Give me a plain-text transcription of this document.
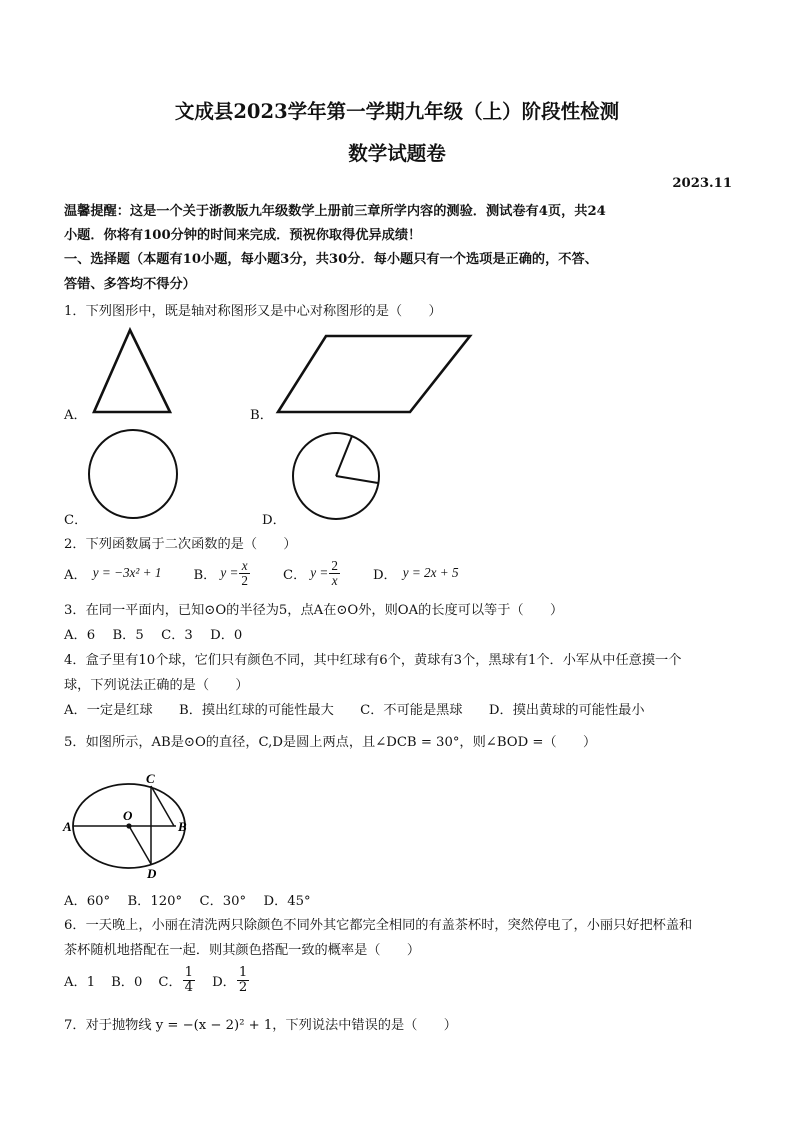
文成县2023学年第一学期九年级（上）阶段性检测
数学试题卷
2023.11
温馨提醒：这是一个关于浙教版九年级数学上册前三章所学内容的测验．测试卷有4页，共24
小题．你将有100分钟的时间来完成．预祝你取得优异成绩！
一、选择题（本题有10小题，每小题3分，共30分．每小题只有一个选项是正确的，不答、
答错、多答均不得分）
1．下列图形中，既是轴对称图形又是中心对称图形的是（　　）
A．	B．
C．	D．
2．下列函数属于二次函数的是（　　）
A． y = −3x² + 1 B． $y = \frac{x}{2}$	C． $y = \frac{2}{x}$	D． y = 2x + 5
3．在同一平面内，已知⊙O的半径为5，点A在⊙O外，则OA的长度可以等于（　　）
A．6　 B．5　 C．3　 D．0
4．盒子里有10个球，它们只有颜色不同，其中红球有6个，黄球有3个，黑球有1个．小军从中任意摸一个
球，下列说法正确的是（　　）
A．一定是红球　　B．摸出红球的可能性最大　　C．不可能是黑球　　D．摸出黄球的可能性最小
5．如图所示，AB是⊙O的直径，C,D是圆上两点，且∠DCB = 30°，则∠BOD =（　　）
A	B
C
D
O
A．60°　 B．120°　 C．30°　 D．45°
6．一天晚上，小丽在清洗两只除颜色不同外其它都完全相同的有盖茶杯时，突然停电了，小丽只好把杯盖和
茶杯随机地搭配在一起．则其颜色搭配一致的概率是（　　）
A．1 B．0 C． $\frac{1}{4}$ D． $\frac{1}{2}$
7．对于抛物线 y = −(x − 2)² + 1，下列说法中错误的是（　　）
